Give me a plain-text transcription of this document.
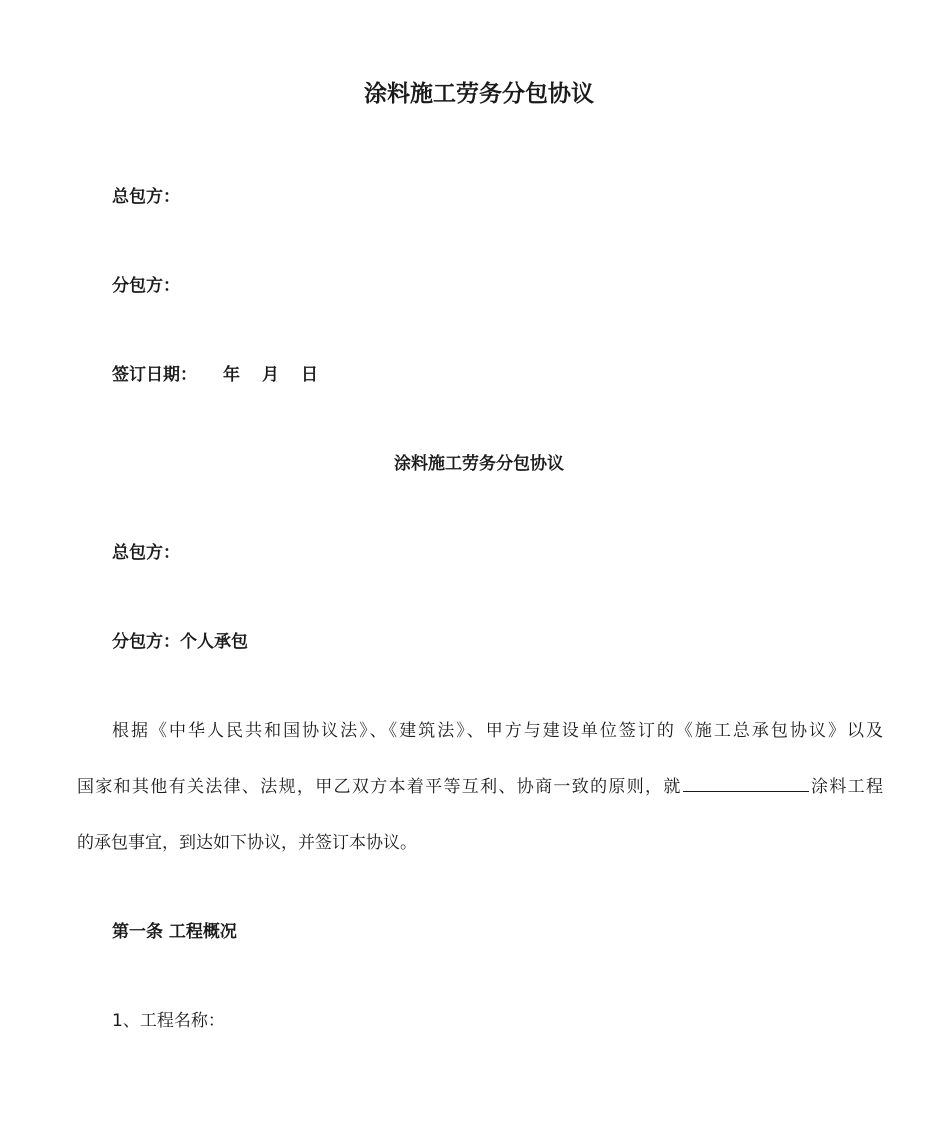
涂料施工劳务分包协议
总包方：
分包方：
签订日期： 年 月 日
涂料施工劳务分包协议
总包方：
分包方：个人承包
根据《中华人民共和国协议法》、《建筑法》、甲方与建设单位签订的《施工总承包协议》以及
国家和其他有关法律、法规，甲乙双方本着平等互利、协商一致的原则，就	涂料工程
的承包事宜，到达如下协议，并签订本协议。
第一条 工程概况
1、工程名称：
